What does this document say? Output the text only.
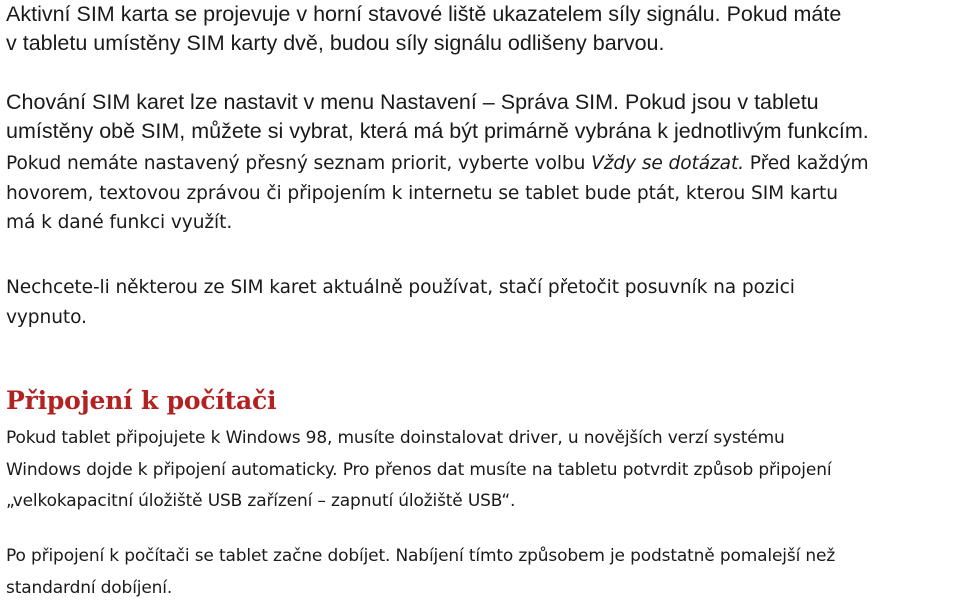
Aktivní SIM karta se projevuje v horní stavové liště ukazatelem síly signálu. Pokud máte
v tabletu umístěny SIM karty dvě, budou síly signálu odlišeny barvou.

Chování SIM karet lze nastavit v menu Nastavení – Správa SIM. Pokud jsou v tabletu
umístěny obě SIM, můžete si vybrat, která má být primárně vybrána k jednotlivým funkcím.

Pokud nemáte nastavený přesný seznam priorit, vyberte volbu Vždy se dotázat. Před každým
hovorem, textovou zprávou či připojením k internetu se tablet bude ptát, kterou SIM kartu
má k dané funkci využít.

Nechcete-li některou ze SIM karet aktuálně používat, stačí přetočit posuvník na pozici
vypnuto.

Připojení k počítači

Pokud tablet připojujete k Windows 98, musíte doinstalovat driver, u novějších verzí systému
Windows dojde k připojení automaticky. Pro přenos dat musíte na tabletu potvrdit způsob připojení
„velkokapacitní úložiště USB zařízení – zapnutí úložiště USB“.

Po připojení k počítači se tablet začne dobíjet. Nabíjení tímto způsobem je podstatně pomalejší než
standardní dobíjení.
